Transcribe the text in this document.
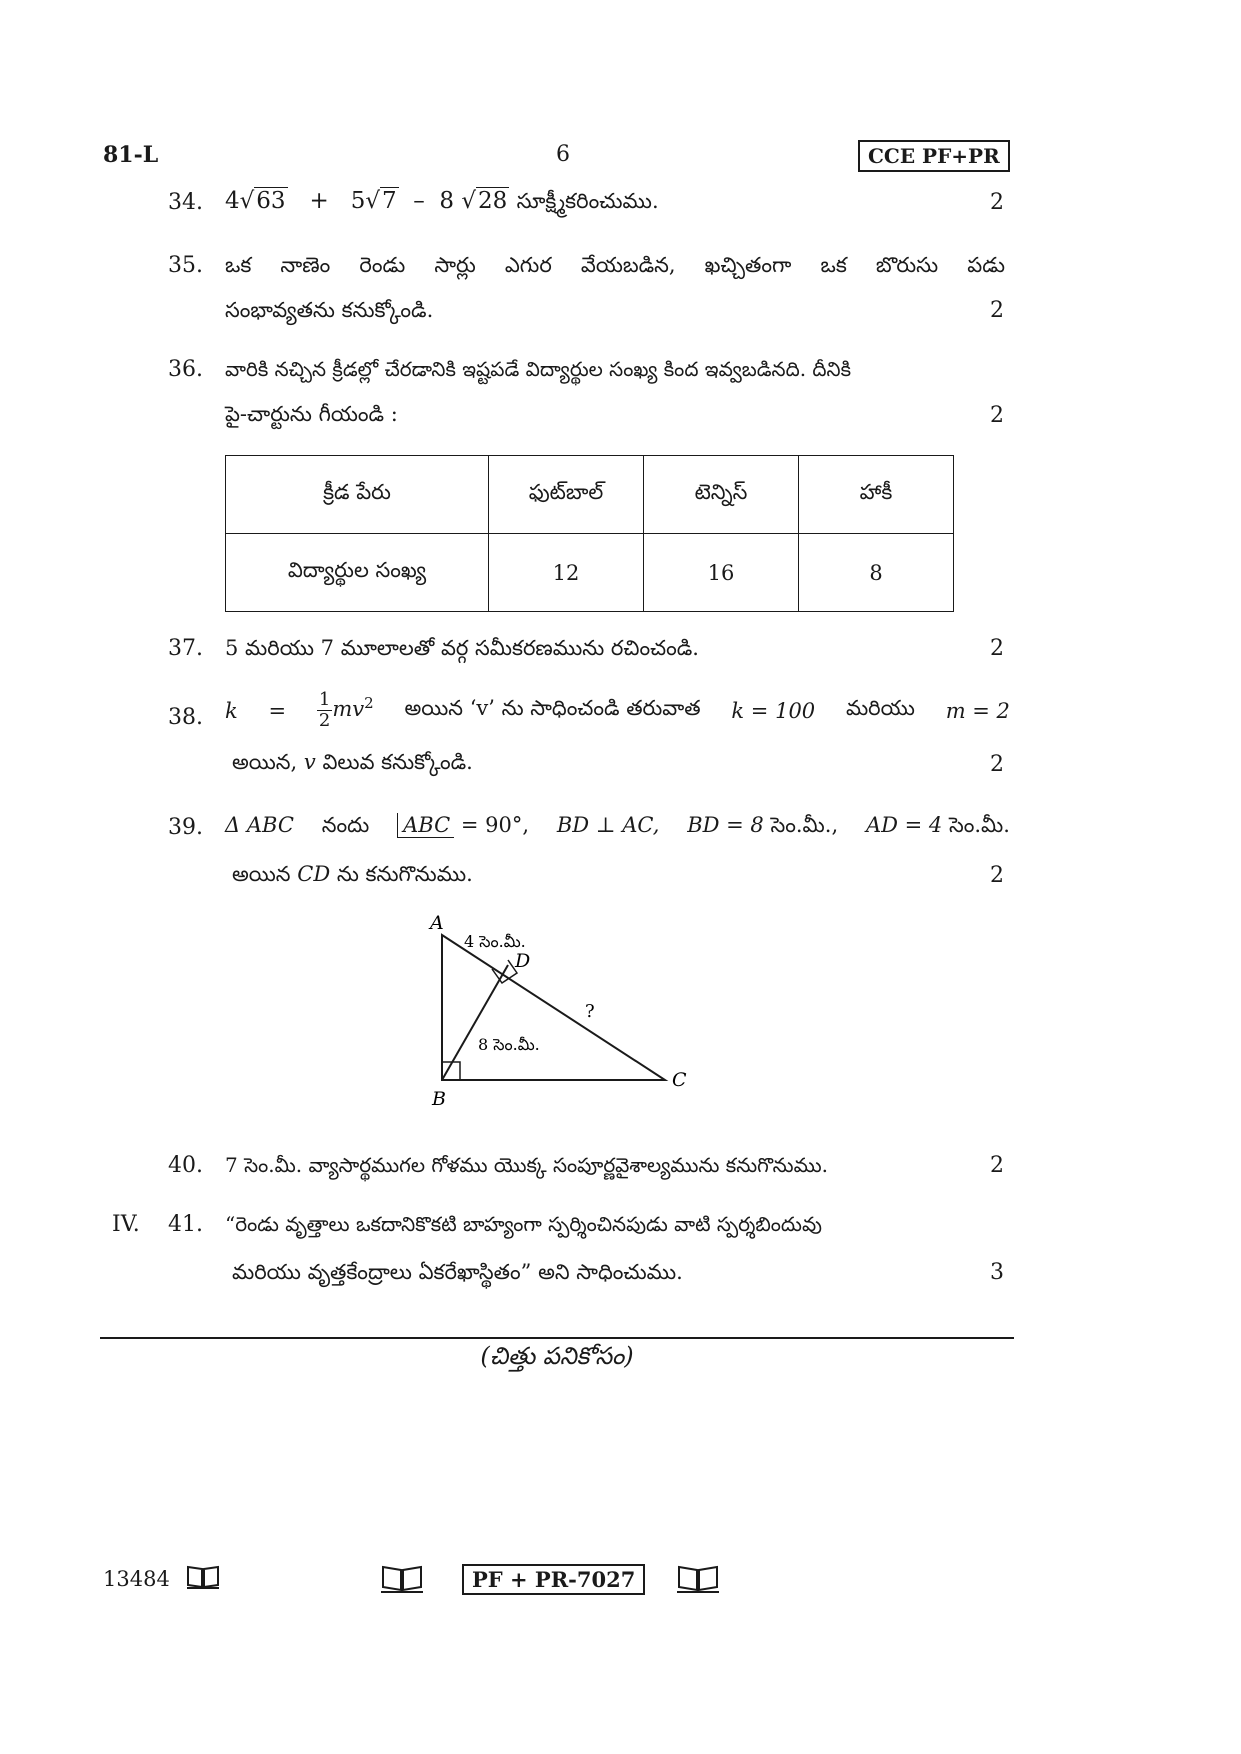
81-L	6	CCE PF+PR
34. 4√63 + 5√7 – 8 √28 సూక్ష్మీకరించుము.	2
35. ఒక నాణెం రెండు సార్లు ఎగుర వేయబడిన, ఖచ్చితంగా ఒక బొరుసు పడు
సంభావ్యతను కనుక్కోండి.	2
36. వారికి నచ్చిన క్రీడల్లో చేరడానికి ఇష్టపడే విద్యార్థుల సంఖ్య కింద ఇవ్వబడినది. దీనికి
పై-చార్టును గీయండి :	2
క్రీడ పేరు	ఫుట్‌బాల్	టెన్నిస్	హాకీ
విద్యార్థుల సంఖ్య	12	16	8
37. 5 మరియు 7 మూలాలతో వర్గ సమీకరణమును రచించండి.	2
38. $k = \frac{1}{2} mv^2$ అయిన ‘v’ ను సాధించండి తరువాత k = 100 మరియు m = 2
అయిన, v విలువ కనుక్కోండి.	2
39. Δ ABC నందు ABC = 90°, BD ⊥ AC, BD = 8 సెం.మీ., AD = 4 సెం.మీ.
అయిన CD ను కనుగొనుము.	2
A
B
C
D
4 సెం.మీ.
8 సెం.మీ.
?
40. 7 సెం.మీ. వ్యాసార్థముగల గోళము యొక్క సంపూర్ణవైశాల్యమును కనుగొనుము.	2
IV. 41. “రెండు వృత్తాలు ఒకదానికొకటి బాహ్యంగా స్పర్శించినపుడు వాటి స్పర్శబిందువు
మరియు వృత్తకేంద్రాలు ఏకరేఖాస్థితం” అని సాధించుము.	3
(చిత్తు పనికోసం)
13484	PF + PR-7027
